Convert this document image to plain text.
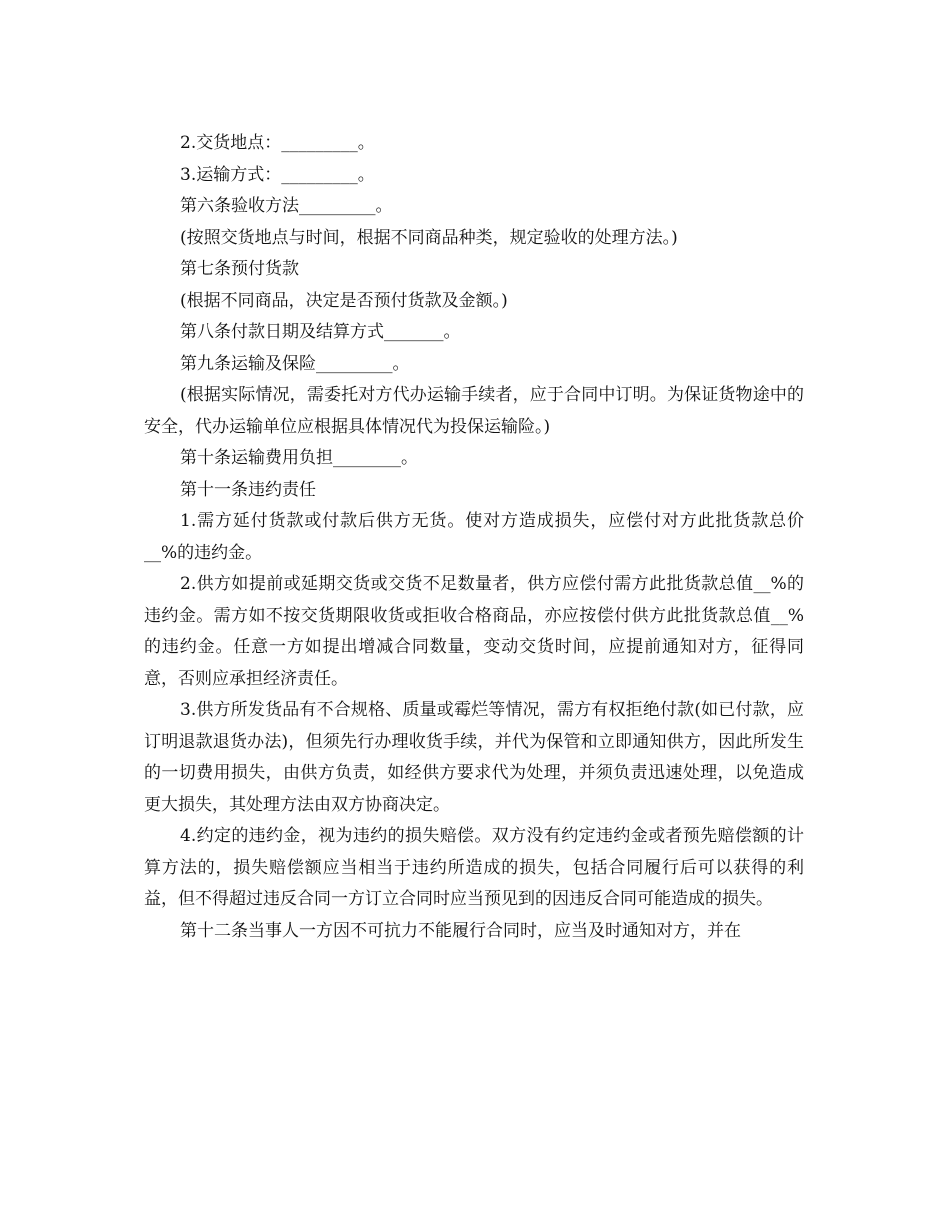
2.交货地点：_________。

3.运输方式：_________。

第六条验收方法_________。

(按照交货地点与时间，根据不同商品种类，规定验收的处理方法。)

第七条预付货款

(根据不同商品，决定是否预付货款及金额。)

第八条付款日期及结算方式_______。

第九条运输及保险_________。

(根据实际情况，需委托对方代办运输手续者，应于合同中订明。为保证货物途中的安全，代办运输单位应根据具体情况代为投保运输险。)

第十条运输费用负担________。

第十一条违约责任

1.需方延付货款或付款后供方无货。使对方造成损失，应偿付对方此批货款总价__%的违约金。

2.供方如提前或延期交货或交货不足数量者，供方应偿付需方此批货款总值__%的违约金。需方如不按交货期限收货或拒收合格商品，亦应按偿付供方此批货款总值__%的违约金。任意一方如提出增减合同数量，变动交货时间，应提前通知对方，征得同意，否则应承担经济责任。

3.供方所发货品有不合规格、质量或霉烂等情况，需方有权拒绝付款(如已付款，应订明退款退货办法)，但须先行办理收货手续，并代为保管和立即通知供方，因此所发生的一切费用损失，由供方负责，如经供方要求代为处理，并须负责迅速处理，以免造成更大损失，其处理方法由双方协商决定。

4.约定的违约金，视为违约的损失赔偿。双方没有约定违约金或者预先赔偿额的计算方法的，损失赔偿额应当相当于违约所造成的损失，包括合同履行后可以获得的利益，但不得超过违反合同一方订立合同时应当预见到的因违反合同可能造成的损失。

第十二条当事人一方因不可抗力不能履行合同时，应当及时通知对方，并在
